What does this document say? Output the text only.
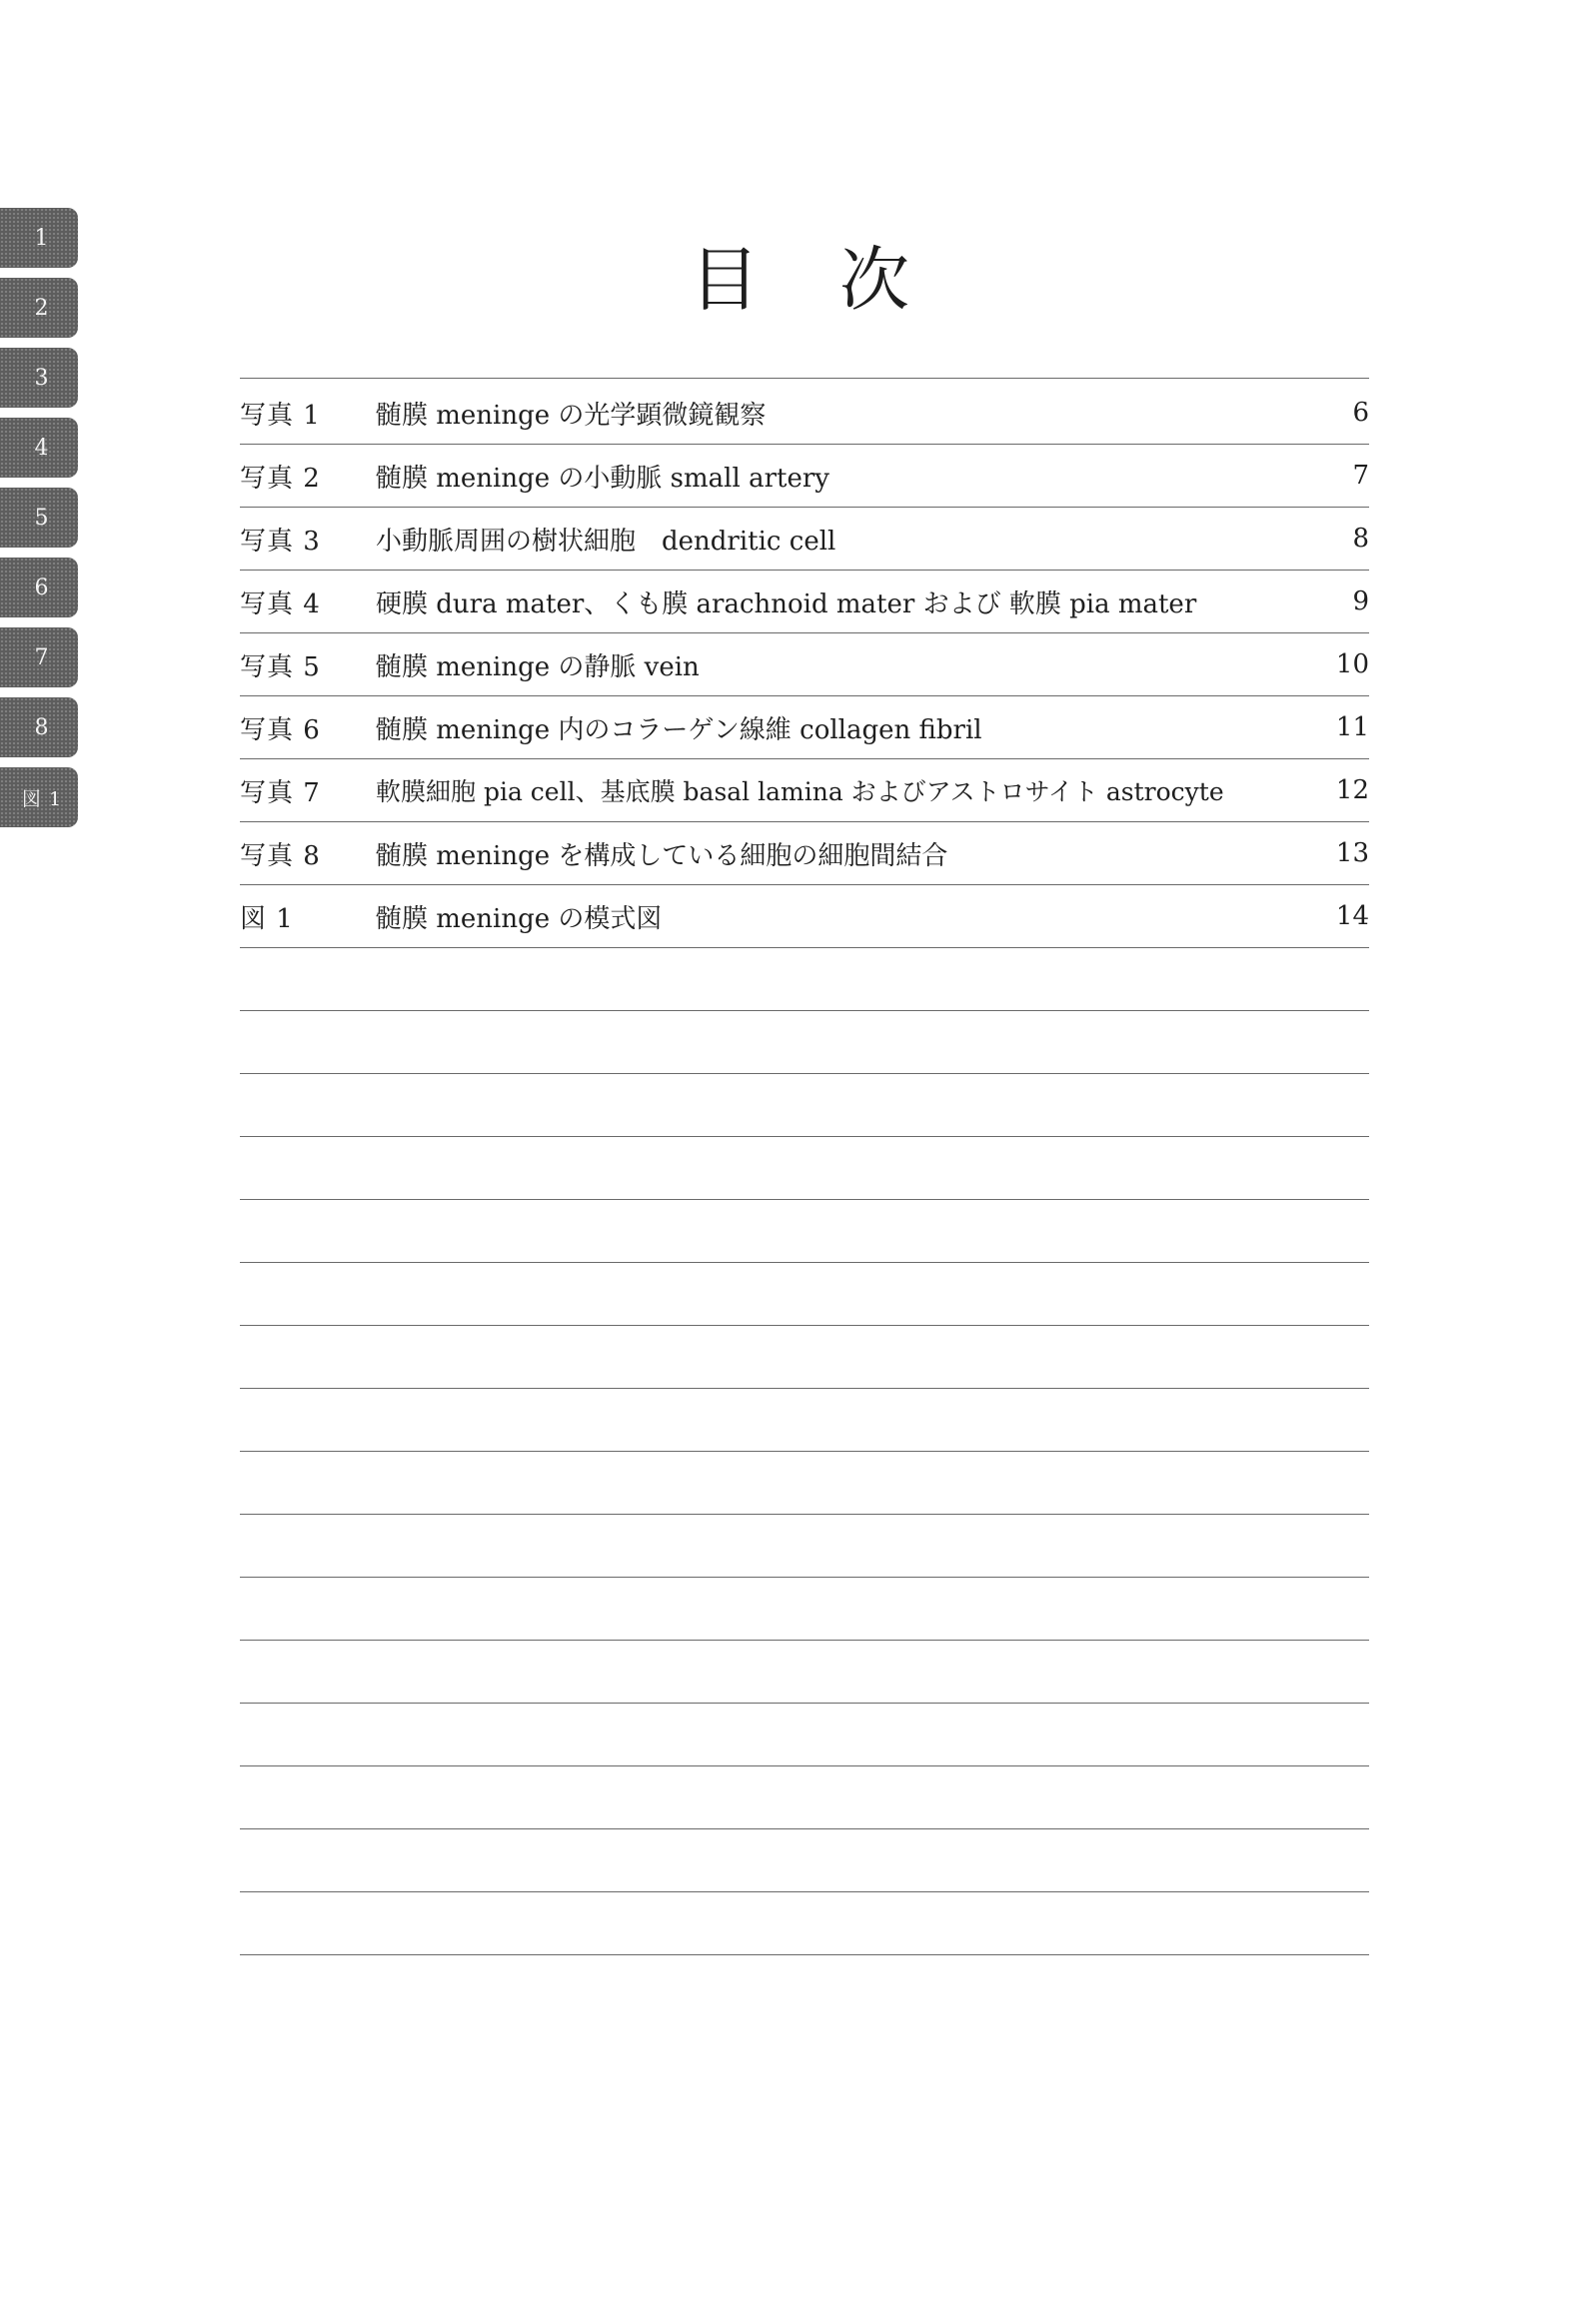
1
2
3
4
5
6
7
8
図 1
目 次
写真 1	髄膜 meninge の光学顕微鏡観察	6
写真 2	髄膜 meninge の小動脈 small artery	7
写真 3	小動脈周囲の樹状細胞　dendritic cell	8
写真 4	硬膜 dura mater、くも膜 arachnoid mater および 軟膜 pia mater	9
写真 5	髄膜 meninge の静脈 vein	10
写真 6	髄膜 meninge 内のコラーゲン線維 collagen fibril	11
写真 7	軟膜細胞 pia cell、基底膜 basal lamina およびアストロサイト astrocyte	12
写真 8	髄膜 meninge を構成している細胞の細胞間結合	13
図 1	髄膜 meninge の模式図	14
